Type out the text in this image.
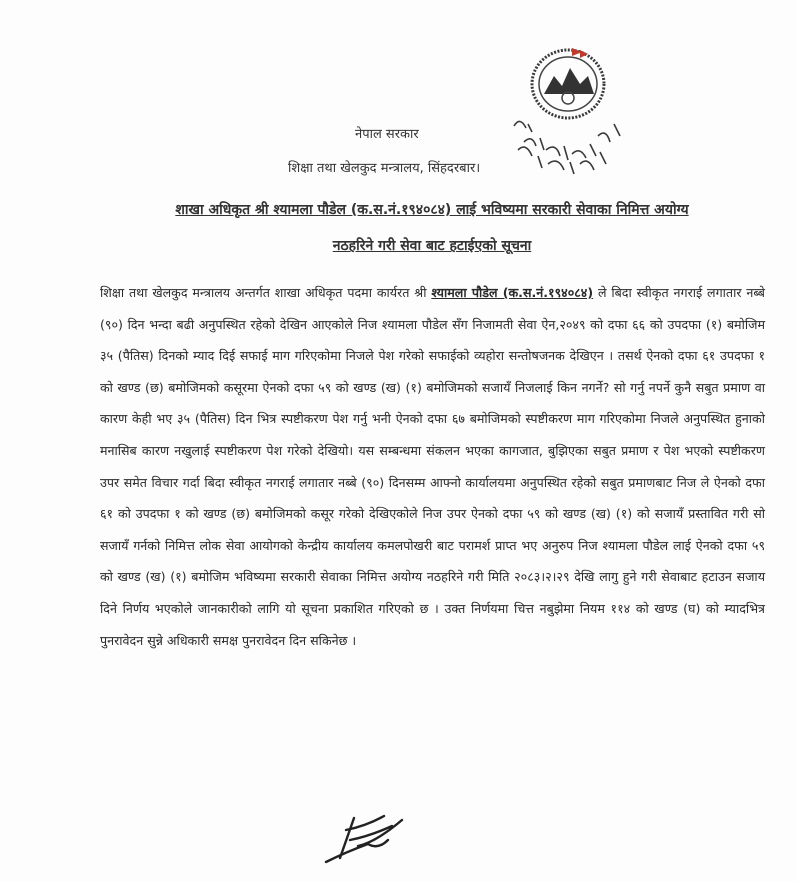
नेपाल सरकार
शिक्षा तथा खेलकुद मन्त्रालय, सिंहदरबार।
शाखा अधिकृत श्री श्यामला पौडेल (क.स.नं.१९४०८४) लाई भविष्यमा सरकारी सेवाका निमित्त अयोग्य
नठहरिने गरी सेवा बाट हटाईएको सूचना

शिक्षा तथा खेलकुद मन्त्रालय अन्तर्गत शाखा अधिकृत पदमा कार्यरत श्री श्यामला पौडेल (क.स.नं.१९४०८४) ले बिदा स्वीकृत नगराई लगातार नब्बे (९०) दिन भन्दा बढी अनुपस्थित रहेको देखिन आएकोले निज श्यामला पौडेल सँग निजामती सेवा ऐन,२०४९ को दफा ६६ को उपदफा (१) बमोजिम ३५ (पैतिस) दिनको म्याद दिई सफाई माग गरिएकोमा निजले पेश गरेको सफाईको व्यहोरा सन्तोषजनक देखिएन । तसर्थ ऐनको दफा ६१ उपदफा १ को खण्ड (छ) बमोजिमको कसूरमा ऐनको दफा ५९ को खण्ड (ख) (१) बमोजिमको सजायँ निजलाई किन नगर्ने? सो गर्नु नपर्ने कुनै सबुत प्रमाण वा कारण केही भए ३५ (पैतिस) दिन भित्र स्पष्टीकरण पेश गर्नु भनी ऐनको दफा ६७ बमोजिमको स्पष्टीकरण माग गरिएकोमा निजले अनुपस्थित हुनाको मनासिब कारण नखुलाई स्पष्टीकरण पेश गरेको देखियो। यस सम्बन्धमा संकलन भएका कागजात, बुझिएका सबुत प्रमाण र पेश भएको स्पष्टीकरण उपर समेत विचार गर्दा बिदा स्वीकृत नगराई लगातार नब्बे (९०) दिनसम्म आफ्नो कार्यालयमा अनुपस्थित रहेको सबुत प्रमाणबाट निज ले ऐनको दफा ६१ को उपदफा १ को खण्ड (छ) बमोजिमको कसूर गरेको देखिएकोले निज उपर ऐनको दफा ५९ को खण्ड (ख) (१) को सजायँ प्रस्तावित गरी सो सजायँ गर्नको निमित्त लोक सेवा आयोगको केन्द्रीय कार्यालय कमलपोखरी बाट परामर्श प्राप्त भए अनुरुप निज श्यामला पौडेल लाई ऐनको दफा ५९ को खण्ड (ख) (१) बमोजिम भविष्यमा सरकारी सेवाका निमित्त अयोग्य नठहरिने गरी मिति २०८३।२।२९ देखि लागु हुने गरी सेवाबाट हटाउन सजाय दिने निर्णय भएकोले जानकारीको लागि यो सूचना प्रकाशित गरिएको छ । उक्त निर्णयमा चित्त नबुझेमा नियम ११४ को खण्ड (घ) को म्यादभित्र पुनरावेदन सुन्ने अधिकारी समक्ष पुनरावेदन दिन सकिनेछ ।
